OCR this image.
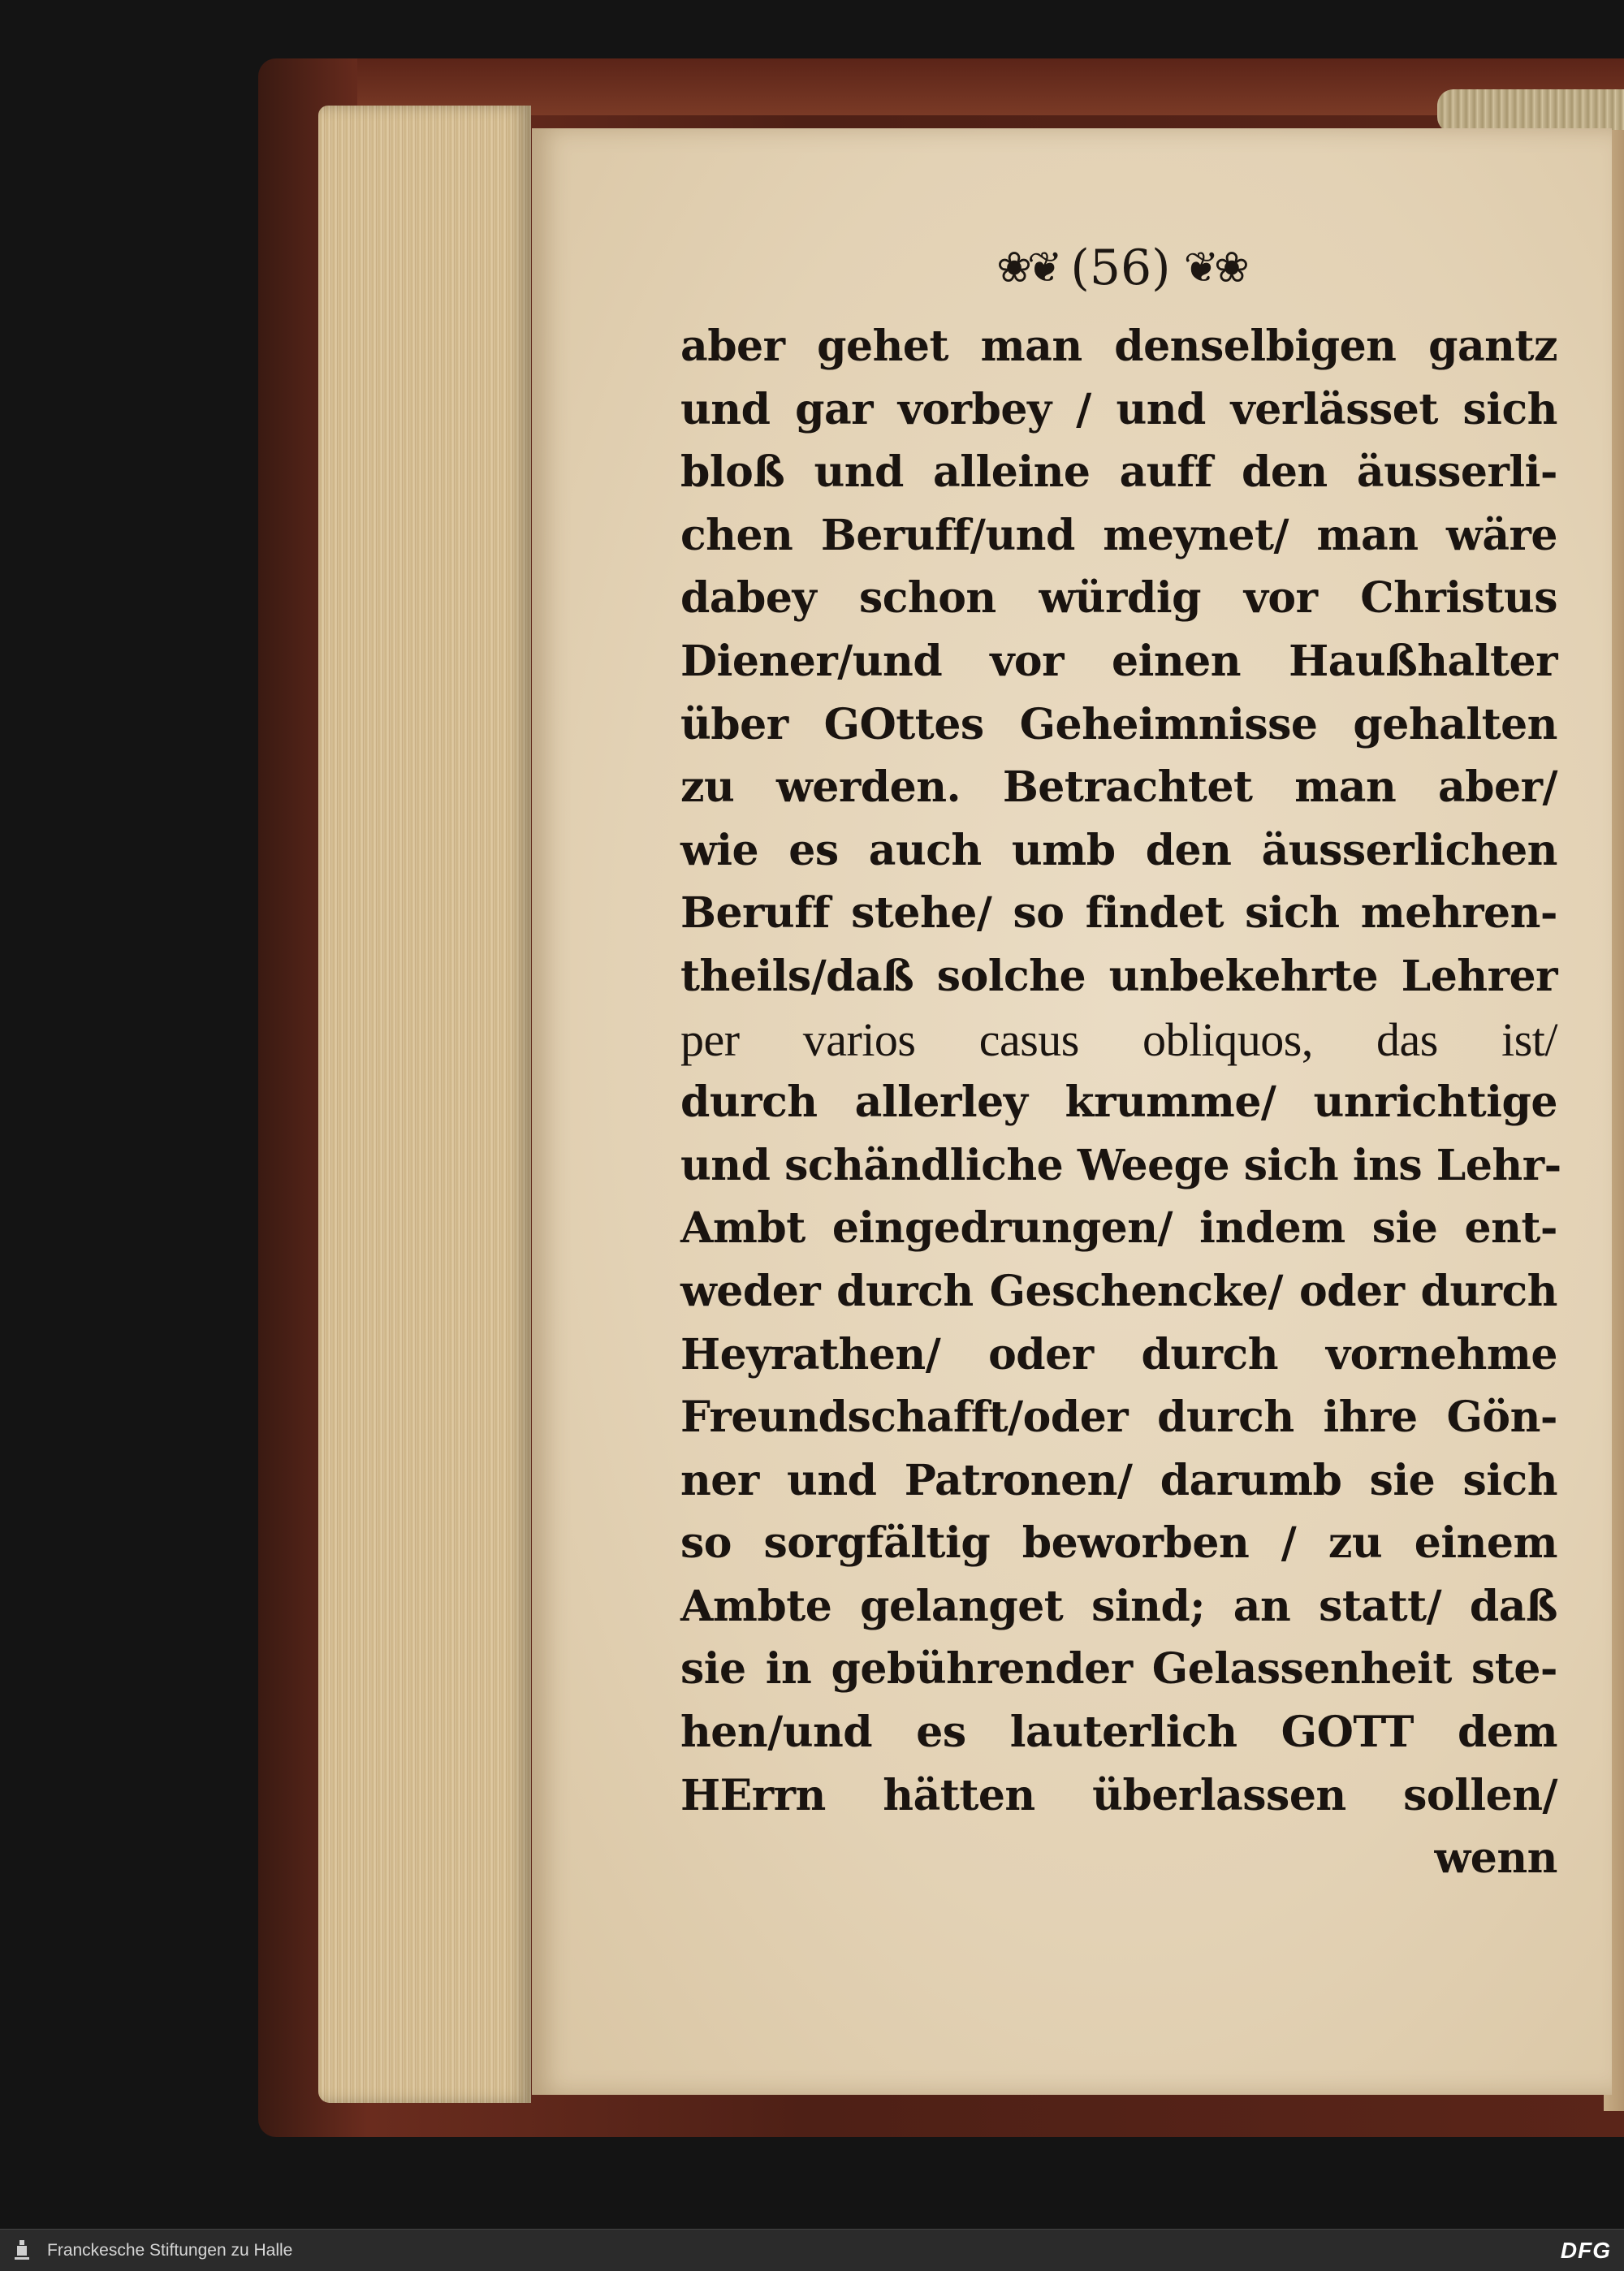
❀❦ (56) ❦❀
aber gehet man denselbigen gantz
und gar vorbey / und verlässet sich
bloß und alleine auff den äusserli-
chen Beruff/und meynet/ man wäre
dabey schon würdig vor Christus
Diener/und vor einen Haußhalter
über GOttes Geheimnisse gehalten
zu werden. Betrachtet man aber/
wie es auch umb den äusserlichen
Beruff stehe/ so findet sich mehren-
theils/daß solche unbekehrte Lehrer
per varios casus obliquos, das ist/
durch allerley krumme/ unrichtige
und schändliche Weege sich ins Lehr-
Ambt eingedrungen/ indem sie ent-
weder durch Geschencke/ oder durch
Heyrathen/ oder durch vornehme
Freundschafft/oder durch ihre Gön-
ner und Patronen/ darumb sie sich
so sorgfältig beworben / zu einem
Ambte gelanget sind; an statt/ daß
sie in gebührender Gelassenheit ste-
hen/und es lauterlich GOTT dem
HErrn hätten überlassen sollen/
wenn
Franckesche Stiftungen zu Halle	DFG
